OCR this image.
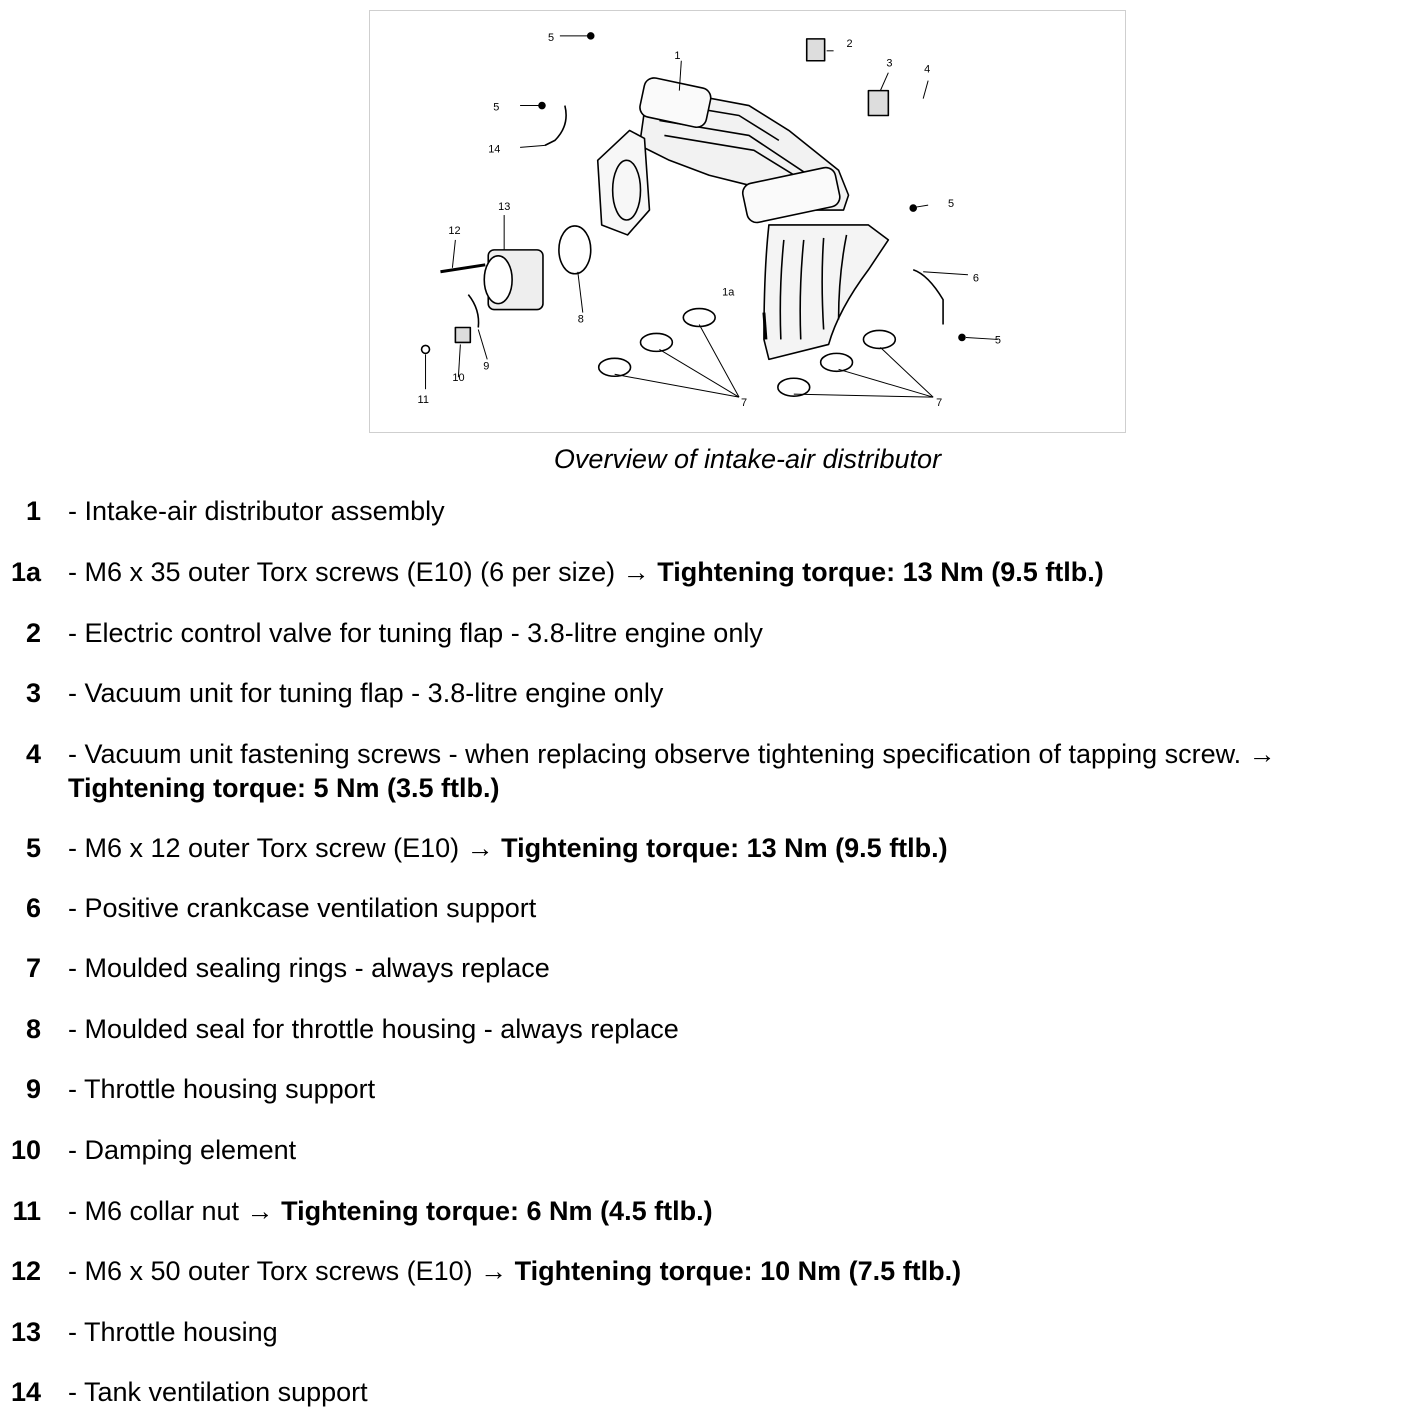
1
2
3	4
5
5
5
5
6
7	7
8
9
10
11
12
13
14
1a
Overview of intake-air distributor
1 - Intake-air distributor assembly
1a - M6 x 35 outer Torx screws (E10) (6 per size) → Tightening torque: 13 Nm (9.5 ftlb.)
2 - Electric control valve for tuning flap - 3.8-litre engine only
3 - Vacuum unit for tuning flap - 3.8-litre engine only
4 - Vacuum unit fastening screws - when replacing observe tightening specification of tapping screw. → Tightening torque: 5 Nm (3.5 ftlb.)
5 - M6 x 12 outer Torx screw (E10) → Tightening torque: 13 Nm (9.5 ftlb.)
6 - Positive crankcase ventilation support
7 - Moulded sealing rings - always replace
8 - Moulded seal for throttle housing - always replace
9 - Throttle housing support
10 - Damping element
11 - M6 collar nut → Tightening torque: 6 Nm (4.5 ftlb.)
12 - M6 x 50 outer Torx screws (E10) → Tightening torque: 10 Nm (7.5 ftlb.)
13 - Throttle housing
14 - Tank ventilation support
